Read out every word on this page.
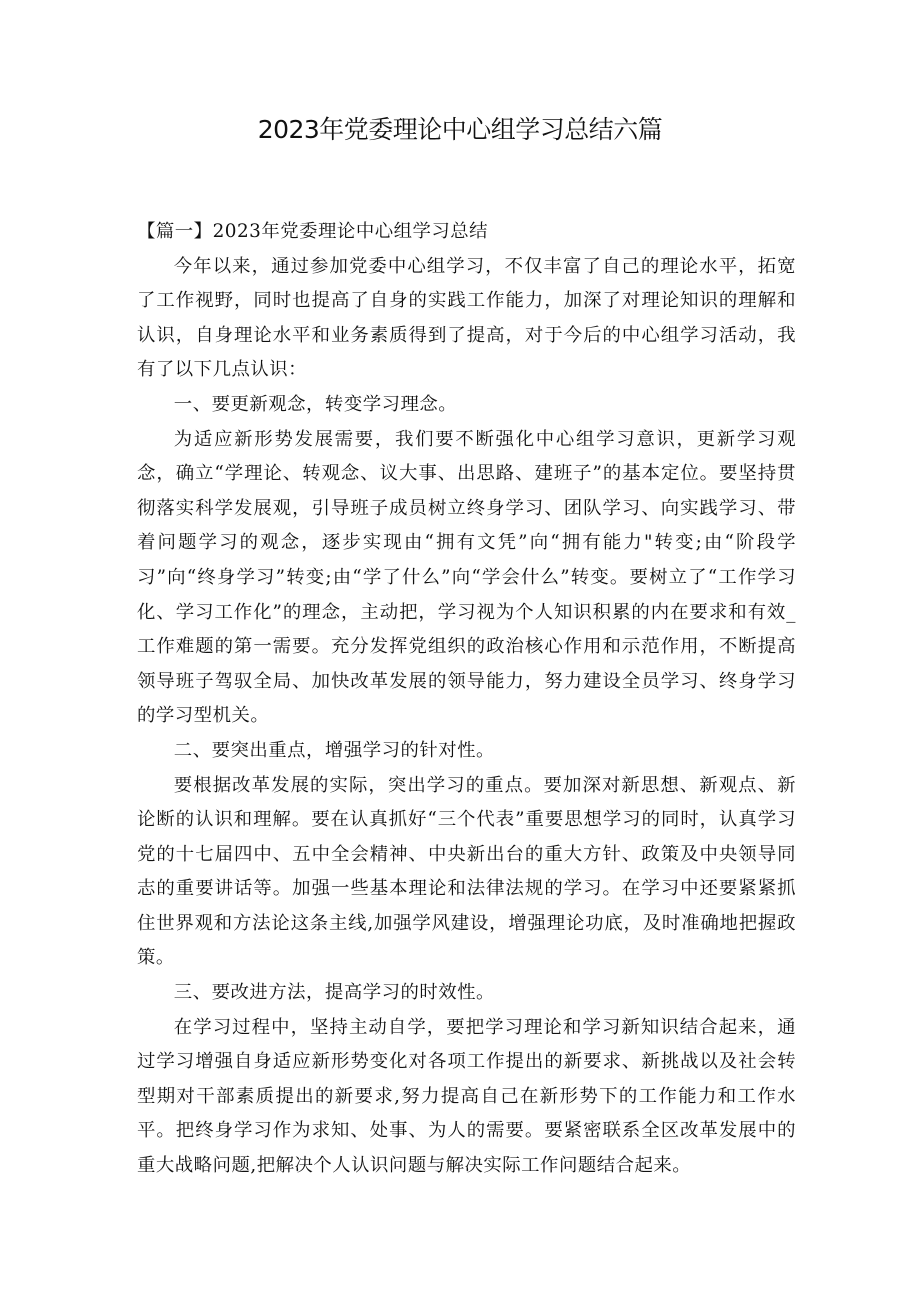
2023年党委理论中心组学习总结六篇

【篇一】2023年党委理论中心组学习总结

今年以来，通过参加党委中心组学习，不仅丰富了自己的理论水平，拓宽了工作视野，同时也提高了自身的实践工作能力，加深了对理论知识的理解和认识，自身理论水平和业务素质得到了提高，对于今后的中心组学习活动，我有了以下几点认识：

一、要更新观念，转变学习理念。

为适应新形势发展需要，我们要不断强化中心组学习意识，更新学习观念，确立“学理论、转观念、议大事、出思路、建班子”的基本定位。要坚持贯彻落实科学发展观，引导班子成员树立终身学习、团队学习、向实践学习、带着问题学习的观念，逐步实现由“拥有文凭”向“拥有能力"转变;由“阶段学习”向“终身学习”转变;由“学了什么”向“学会什么”转变。要树立了“工作学习化、学习工作化”的理念，主动把，学习视为个人知识积累的内在要求和有效_工作难题的第一需要。充分发挥党组织的政治核心作用和示范作用，不断提高领导班子驾驭全局、加快改革发展的领导能力，努力建设全员学习、终身学习的学习型机关。

二、要突出重点，增强学习的针对性。

要根据改革发展的实际，突出学习的重点。要加深对新思想、新观点、新论断的认识和理解。要在认真抓好“三个代表”重要思想学习的同时，认真学习党的十七届四中、五中全会精神、中央新出台的重大方针、政策及中央领导同志的重要讲话等。加强一些基本理论和法律法规的学习。在学习中还要紧紧抓住世界观和方法论这条主线,加强学风建设，增强理论功底，及时准确地把握政策。

三、要改进方法，提高学习的时效性。

在学习过程中，坚持主动自学，要把学习理论和学习新知识结合起来，通过学习增强自身适应新形势变化对各项工作提出的新要求、新挑战以及社会转型期对干部素质提出的新要求,努力提高自己在新形势下的工作能力和工作水平。把终身学习作为求知、处事、为人的需要。要紧密联系全区改革发展中的重大战略问题,把解决个人认识问题与解决实际工作问题结合起来。
